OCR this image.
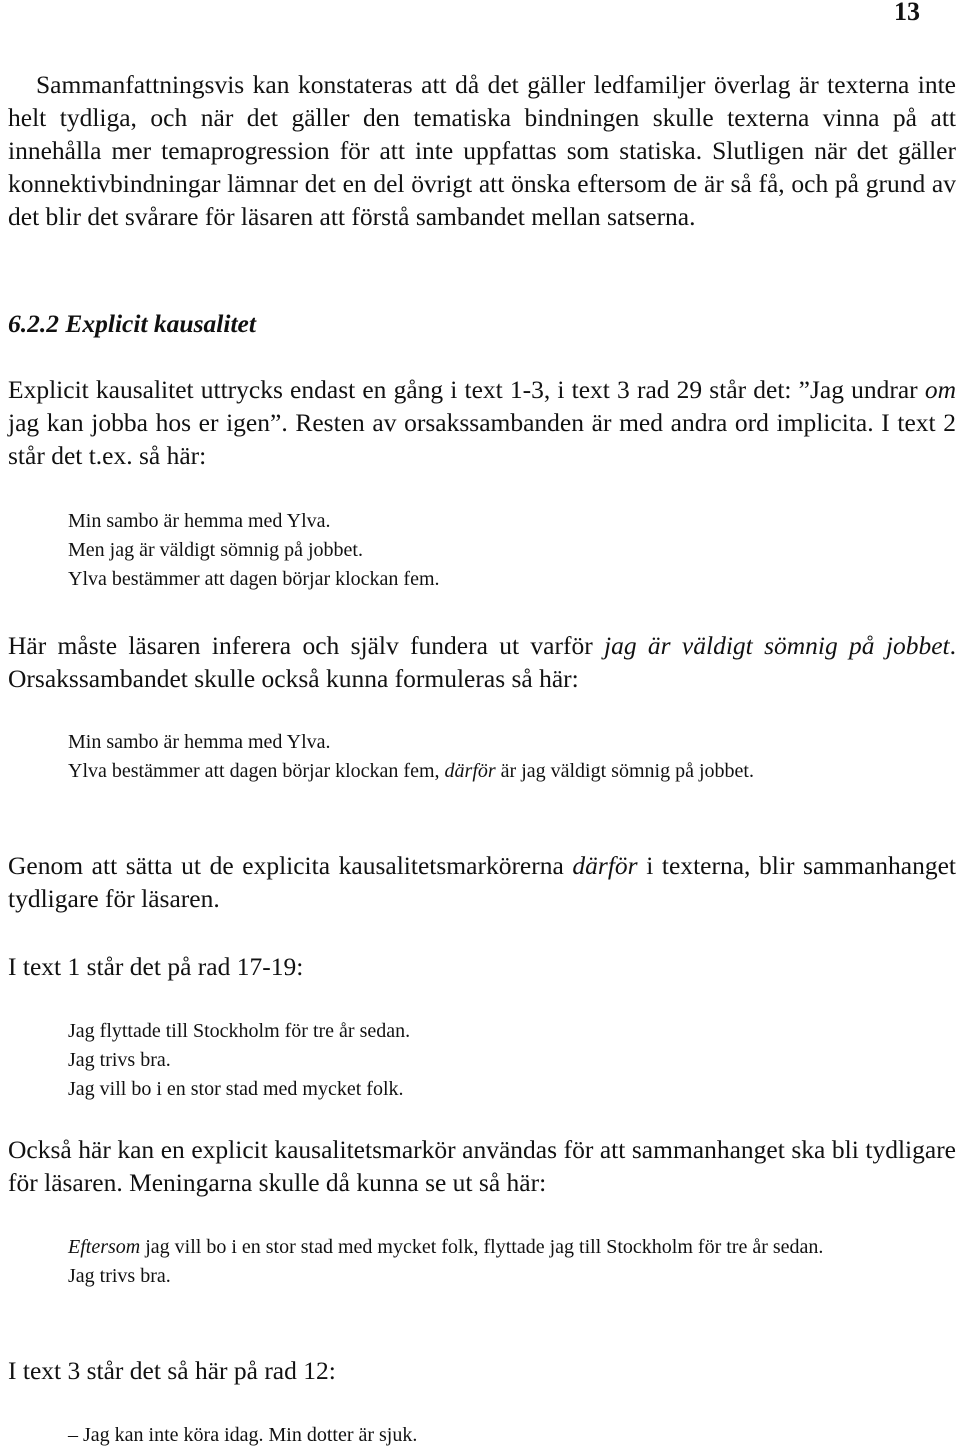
13

Sammanfattningsvis kan konstateras att då det gäller ledfamiljer överlag är texterna inte helt tydliga, och när det gäller den tematiska bindningen skulle texterna vinna på att innehålla mer temaprogression för att inte uppfattas som statiska. Slutligen när det gäller konnektivbindningar lämnar det en del övrigt att önska eftersom de är så få, och på grund av det blir det svårare för läsaren att förstå sambandet mellan satserna.

6.2.2 Explicit kausalitet

Explicit kausalitet uttrycks endast en gång i text 1-3, i text 3 rad 29 står det: ”Jag undrar om jag kan jobba hos er igen”. Resten av orsakssambanden är med andra ord implicita. I text 2 står det t.ex. så här:

Min sambo är hemma med Ylva.
Men jag är väldigt sömnig på jobbet.
Ylva bestämmer att dagen börjar klockan fem.

Här måste läsaren inferera och själv fundera ut varför jag är väldigt sömnig på jobbet. Orsakssambandet skulle också kunna formuleras så här:

Min sambo är hemma med Ylva.
Ylva bestämmer att dagen börjar klockan fem, därför är jag väldigt sömnig på jobbet.

Genom att sätta ut de explicita kausalitetsmarkörerna därför i texterna, blir sammanhanget tydligare för läsaren.

I text 1 står det på rad 17-19:

Jag flyttade till Stockholm för tre år sedan.
Jag trivs bra.
Jag vill bo i en stor stad med mycket folk.

Också här kan en explicit kausalitetsmarkör användas för att sammanhanget ska bli tydligare för läsaren. Meningarna skulle då kunna se ut så här:

Eftersom jag vill bo i en stor stad med mycket folk, flyttade jag till Stockholm för tre år sedan.
Jag trivs bra.

I text 3 står det så här på rad 12:

– Jag kan inte köra idag. Min dotter är sjuk.
